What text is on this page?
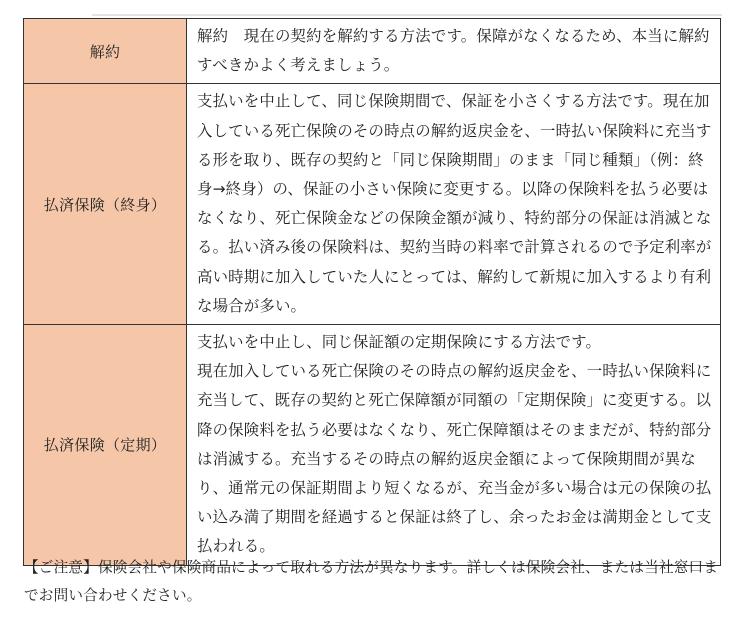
解約	解約　現在の契約を解約する方法です。保障がなくなるため、本当に解約すべきかよく考えましょう。

払済保険（終身）	支払いを中止して、同じ保険期間で、保証を小さくする方法です。現在加入している死亡保険のその時点の解約返戻金を、一時払い保険料に充当する形を取り、既存の契約と「同じ保険期間」のまま「同じ種類」（例：終身→終身）の、保証の小さい保険に変更する。以降の保険料を払う必要はなくなり、死亡保険金などの保険金額が減り、特約部分の保証は消滅となる。払い済み後の保険料は、契約当時の料率で計算されるので予定利率が高い時期に加入していた人にとっては、解約して新規に加入するより有利な場合が多い。

払済保険（定期）	支払いを中止し、同じ保証額の定期保険にする方法です。

現在加入している死亡保険のその時点の解約返戻金を、一時払い保険料に充当して、既存の契約と死亡保障額が同額の「定期保険」に変更する。以降の保険料を払う必要はなくなり、死亡保障額はそのままだが、特約部分は消滅する。充当するその時点の解約返戻金額によって保険期間が異なり、通常元の保証期間より短くなるが、充当金が多い場合は元の保険の払い込み満了期間を経過すると保証は終了し、余ったお金は満期金として支払われる。

【ご注意】保険会社や保険商品によって取れる方法が異なります。詳しくは保険会社、または当社窓口までお問い合わせください。
